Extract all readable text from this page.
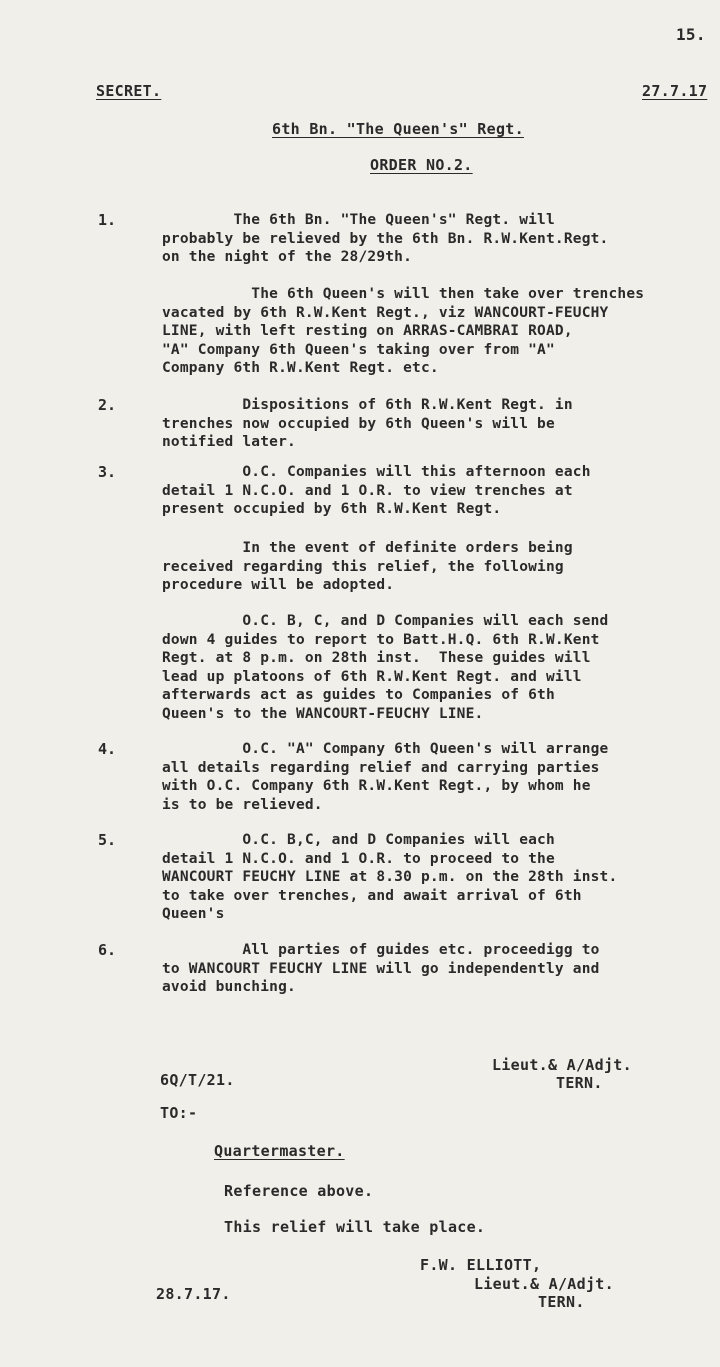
15.
SECRET.	27.7.17
6th Bn. "The Queen's" Regt.
ORDER NO.2.
1.	The 6th Bn. "The Queen's" Regt. will
probably be relieved by the 6th Bn. R.W.Kent.Regt.
on the night of the 28/29th.
The 6th Queen's will then take over trenches
vacated by 6th R.W.Kent Regt., viz WANCOURT-FEUCHY
LINE, with left resting on ARRAS-CAMBRAI ROAD,
"A" Company 6th Queen's taking over from "A"
Company 6th R.W.Kent Regt. etc.
2.	Dispositions of 6th R.W.Kent Regt. in
trenches now occupied by 6th Queen's will be
notified later.
3.	O.C. Companies will this afternoon each
detail 1 N.C.O. and 1 O.R. to view trenches at
present occupied by 6th R.W.Kent Regt.
In the event of definite orders being
received regarding this relief, the following
procedure will be adopted.
O.C. B, C, and D Companies will each send
down 4 guides to report to Batt.H.Q. 6th R.W.Kent
Regt. at 8 p.m. on 28th inst.  These guides will
lead up platoons of 6th R.W.Kent Regt. and will
afterwards act as guides to Companies of 6th
Queen's to the WANCOURT-FEUCHY LINE.
4.	O.C. "A" Company 6th Queen's will arrange
all details regarding relief and carrying parties
with O.C. Company 6th R.W.Kent Regt., by whom he
is to be relieved.
5.	O.C. B,C, and D Companies will each
detail 1 N.C.O. and 1 O.R. to proceed to the
WANCOURT FEUCHY LINE at 8.30 p.m. on the 28th inst.
to take over trenches, and await arrival of 6th
Queen's
6.	All parties of guides etc. proceedigg to
to WANCOURT FEUCHY LINE will go independently and
avoid bunching.
Lieut.& A/Adjt.
6Q/T/21.	TERN.
TO:-
Quartermaster.
Reference above.
This relief will take place.
F.W. ELLIOTT,
Lieut.& A/Adjt.
28.7.17.	TERN.
